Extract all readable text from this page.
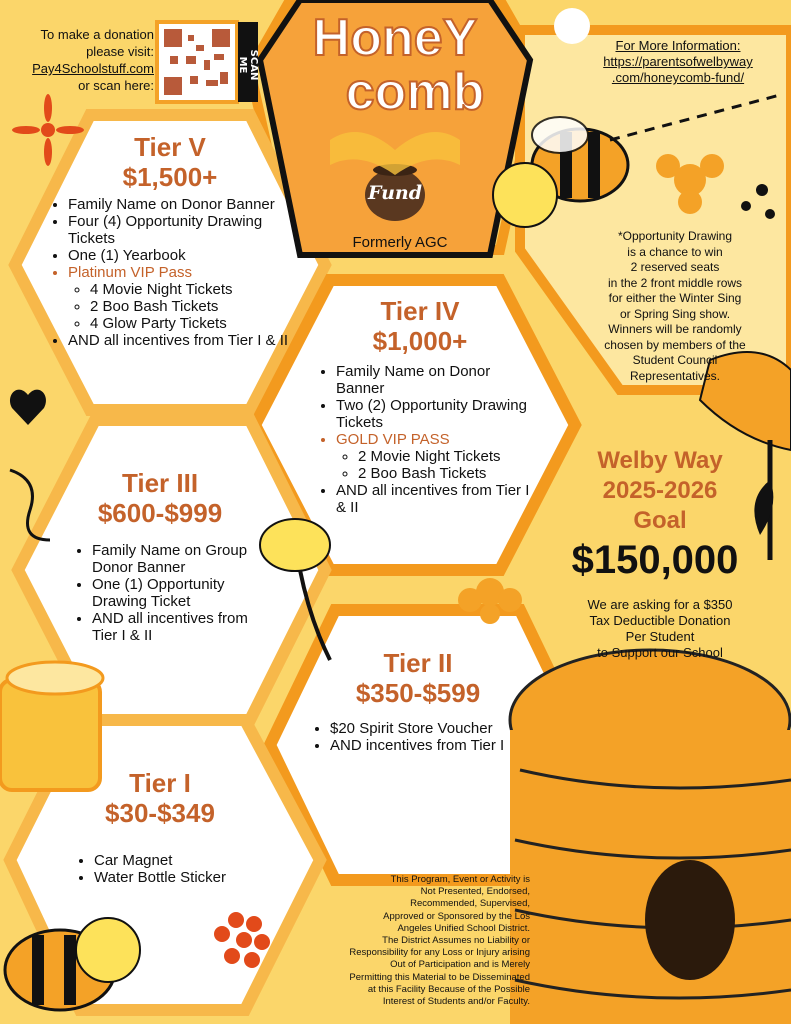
To make a donation
please visit:
Pay4Schoolstuff.com
or scan here:
SCAN ME HoneY
comb
Fund
Formerly AGC
For More Information:
https://parentsofwelbyway
.com/honeycomb-fund/
Tier V
$1,500+
• Family Name on Donor Banner
• Four (4) Opportunity Drawing Tickets
• One (1) Yearbook
• Platinum VIP Pass
◦ 4 Movie Night Tickets
◦ 2 Boo Bash Tickets
◦ 4 Glow Party Tickets
• AND all incentives from Tier I & II
Tier IV
$1,000+
• Family Name on Donor Banner
• Two (2) Opportunity Drawing Tickets
• GOLD VIP PASS
◦ 2 Movie Night Tickets
◦ 2 Boo Bash Tickets
• AND all incentives from Tier I & II
Tier III
$600-$999
• Family Name on Group Donor Banner
• One (1) Opportunity Drawing Ticket
• AND all incentives from Tier I & II
Tier II
$350-$599
• $20 Spirit Store Voucher
• AND incentives from Tier I
Tier I
$30-$349
• Car Magnet
• Water Bottle Sticker
*Opportunity Drawing
is a chance to win
2 reserved seats
in the 2 front middle rows
for either the Winter Sing
or Spring Sing show.
Winners will be randomly
chosen by members of the
Student Council
Representatives.
Welby Way
2025-2026
Goal
$150,000
We are asking for a $350
Tax Deductible Donation
Per Student
to Support our School
This Program, Event or Activity is
Not Presented, Endorsed,
Recommended, Supervised,
Approved or Sponsored by the Los
Angeles Unified School District.
The District Assumes no Liability or
Responsibility for any Loss or Injury arising
Out of Participation and is Merely
Permitting this Material to be Disseminated
at this Facility Because of the Possible
Interest of Students and/or Faculty.
